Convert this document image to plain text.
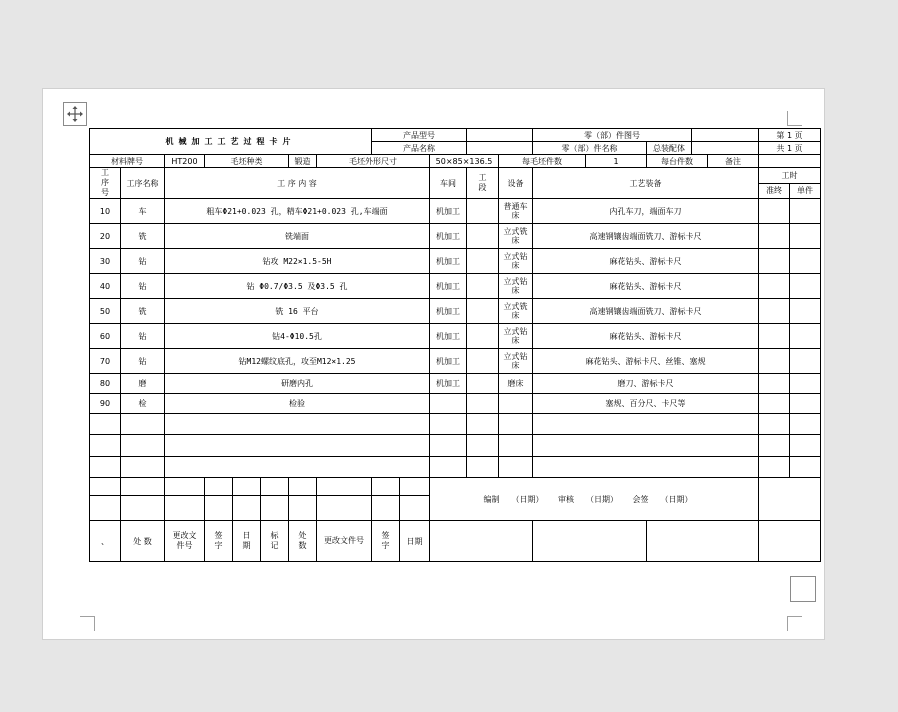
机械加工工艺过程卡片								产品型号					零（部）件图号					第 1 页	
								产品名称					零（部）件名称		总装配体			共 1 页	
材料牌号		HT200	毛坯种类			锻造	毛坯外形尺寸			50×85×136.5		每毛坯件数		1	每台件数		备注		

工序号	工序名称	工 序 内 容								车间	工段	设备	工艺装备					工时	
																		准终	单件
10	车	粗车Φ21+0.023 孔，精车Φ21+0.023 孔,车端面								机加工		普通车床	内孔车刀，端面车刀						
20	铣	铣端面								机加工		立式铣床	高速钢镶齿端面铣刀、游标卡尺						
30	钻	钻攻 M22×1.5-5H								机加工		立式钻床	麻花钻头、游标卡尺						
40	钻	钻 Φ0.7/Φ3.5 及Φ3.5 孔								机加工		立式钻床	麻花钻头、游标卡尺						
50	铣	铣 16 平台								机加工		立式铣床	高速钢镶齿端面铣刀、游标卡尺						
60	钻	钻4-Φ10.5孔								机加工		立式钻床	麻花钻头、游标卡尺						
70	钻	钻M12螺纹底孔，攻至M12×1.25								机加工		立式钻床	麻花钻头、游标卡尺、丝锥、塞规						
80	磨	研磨内孔								机加工		磨床	磨刀、游标卡尺						
90	检	检验											塞规、百分尺、卡尺等						

										编制 （日期） 审核 （日期） 会签 （日期）									

、	处 数	更改文件号	签字	日期	标记	处数	更改文件号	签字	日期										
